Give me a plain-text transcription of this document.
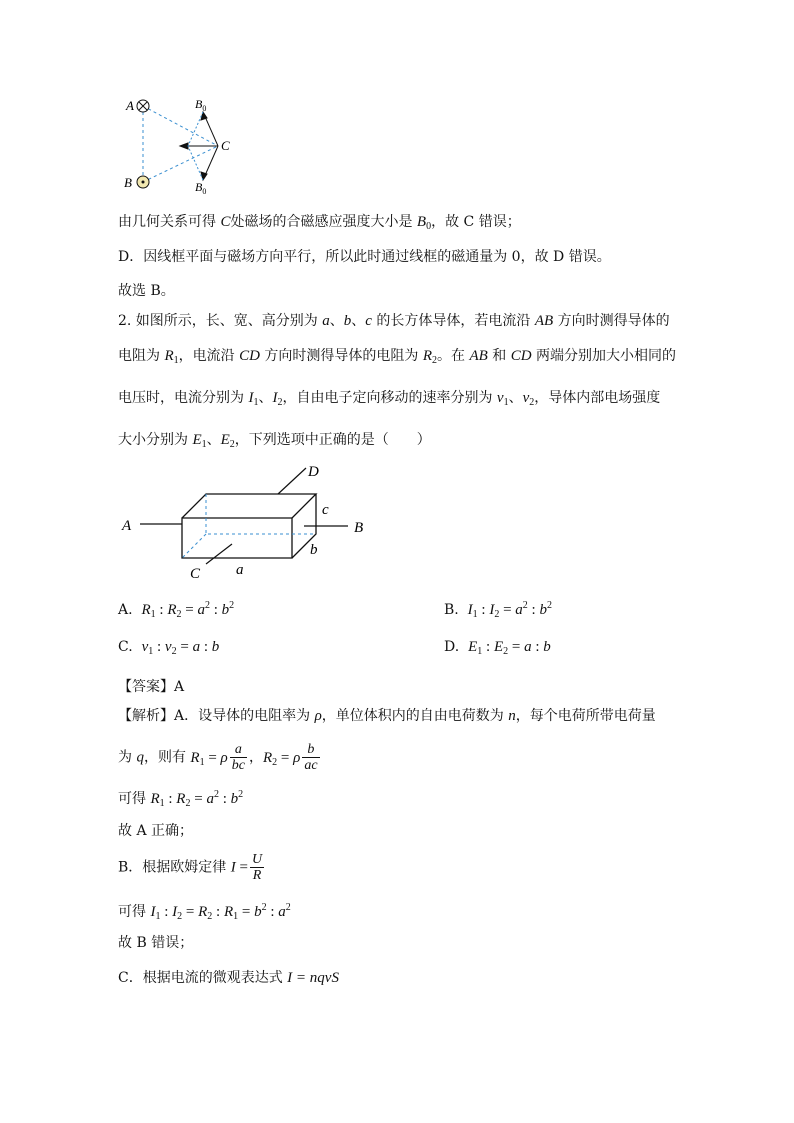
A
B
C
$B_0$
$B_0$
由几何关系可得 C处磁场的合磁感应强度大小是 $B_0$，故 C 错误；
D．因线框平面与磁场方向平行，所以此时通过线框的磁通量为 0，故 D 错误。
故选 B。
2. 如图所示，长、宽、高分别为 a、b、c 的长方体导体，若电流沿 AB 方向时测得导体的
电阻为 $R_1$，电流沿 CD 方向时测得导体的电阻为 $R_2$。在 AB 和 CD 两端分别加大小相同的
电压时，电流分别为 $I_1$、$I_2$，自由电子定向移动的速率分别为 $v_1$、$v_2$，导体内部电场强度
大小分别为 $E_1$、$E_2$，下列选项中正确的是（　　）
A	B
D
C a
b
c
A. $R_1$ : $R_2 = a^2$ : $b^2$	B. $I_1$ : $I_2 = a^2$ : $b^2$
C. $v_1$ : $v_2 = a$ : b	D. $E_1$ : $E_2 = a$ : b
【答案】A
【解析】A．设导体的电阻率为 ρ，单位体积内的自由电荷数为 n，每个电荷所带电荷量
为 q，则有 $R_1 = \rho \frac{a}{bc}$ ，$R_2 = \rho \frac{b}{ac}$
可得 $R_1$ : $R_2 = a^2$ : $b^2$
故 A 正确；
B．根据欧姆定律 $I = \frac{U}{R}$
可得 $I_1$ : $I_2 = R_2$ : $R_1 = b^2$ : $a^2$
故 B 错误；
C．根据电流的微观表达式 I = nqvS
